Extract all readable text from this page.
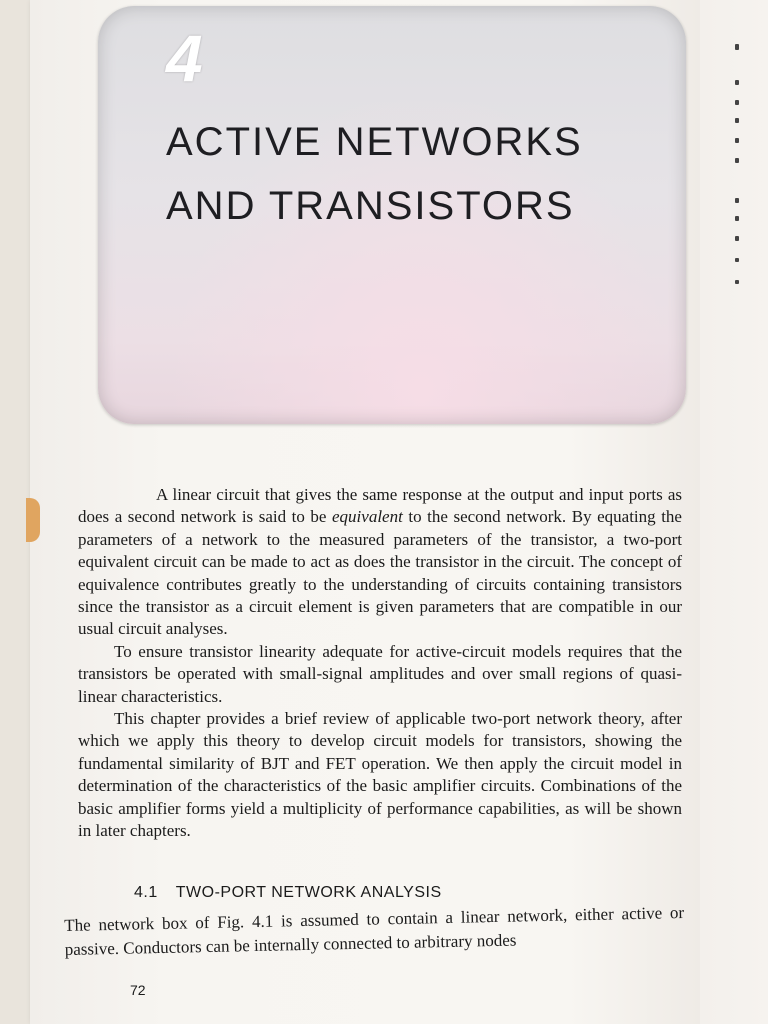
4
ACTIVE NETWORKS
AND TRANSISTORS

A linear circuit that gives the same response at the output and input ports as does a second network is said to be equivalent to the second network. By equating the parameters of a network to the measured parameters of the transistor, a two-port equivalent circuit can be made to act as does the transistor in the circuit. The concept of equivalence contributes greatly to the understanding of circuits containing transistors since the transistor as a circuit element is given parameters that are compatible in our usual circuit analyses.

To ensure transistor linearity adequate for active-circuit models requires that the transistors be operated with small-signal amplitudes and over small regions of quasi-linear characteristics.

This chapter provides a brief review of applicable two-port network theory, after which we apply this theory to develop circuit models for transistors, showing the fundamental similarity of BJT and FET operation. We then apply the circuit model in determination of the characteristics of the basic amplifier circuits. Combinations of the basic amplifier forms yield a multiplicity of performance capabilities, as will be shown in later chapters.

4.1 TWO-PORT NETWORK ANALYSIS

The network box of Fig. 4.1 is assumed to contain a linear network, either active or passive. Conductors can be internally connected to arbitrary nodes

72
